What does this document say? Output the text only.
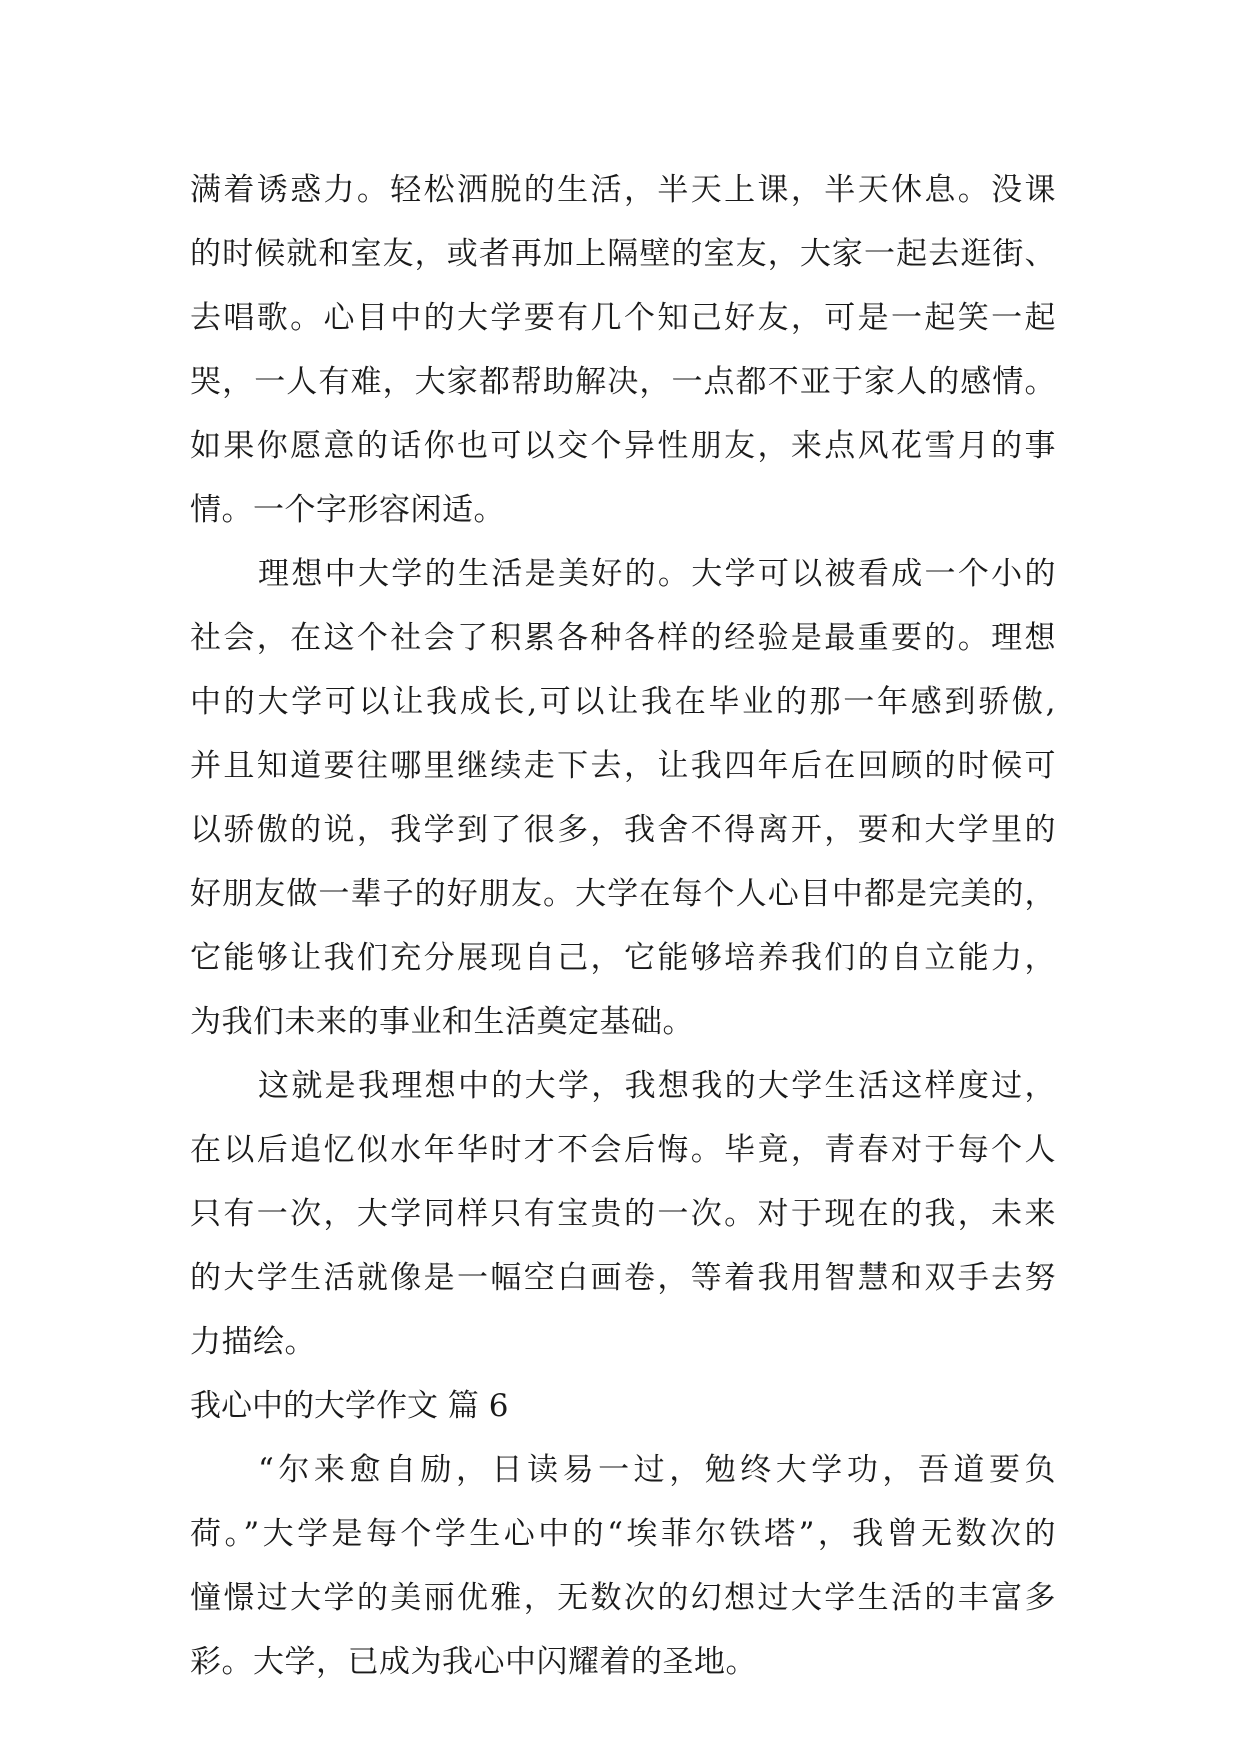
满着诱惑力。轻松洒脱的生活，半天上课，半天休息。没课
的时候就和室友，或者再加上隔壁的室友，大家一起去逛街、
去唱歌。心目中的大学要有几个知己好友，可是一起笑一起
哭，一人有难，大家都帮助解决，一点都不亚于家人的感情。
如果你愿意的话你也可以交个异性朋友，来点风花雪月的事
情。一个字形容闲适。
理想中大学的生活是美好的。大学可以被看成一个小的
社会，在这个社会了积累各种各样的经验是最重要的。理想
中的大学可以让我成长,可以让我在毕业的那一年感到骄傲,
并且知道要往哪里继续走下去，让我四年后在回顾的时候可
以骄傲的说，我学到了很多，我舍不得离开，要和大学里的
好朋友做一辈子的好朋友。大学在每个人心目中都是完美的，
它能够让我们充分展现自己，它能够培养我们的自立能力，
为我们未来的事业和生活奠定基础。
这就是我理想中的大学，我想我的大学生活这样度过，
在以后追忆似水年华时才不会后悔。毕竟，青春对于每个人
只有一次，大学同样只有宝贵的一次。对于现在的我，未来
的大学生活就像是一幅空白画卷，等着我用智慧和双手去努
力描绘。
我心中的大学作文 篇 6
“尔来愈自励，日读易一过，勉终大学功，吾道要负
荷。”大学是每个学生心中的“埃菲尔铁塔”，我曾无数次的
憧憬过大学的美丽优雅，无数次的幻想过大学生活的丰富多
彩。大学，已成为我心中闪耀着的圣地。
